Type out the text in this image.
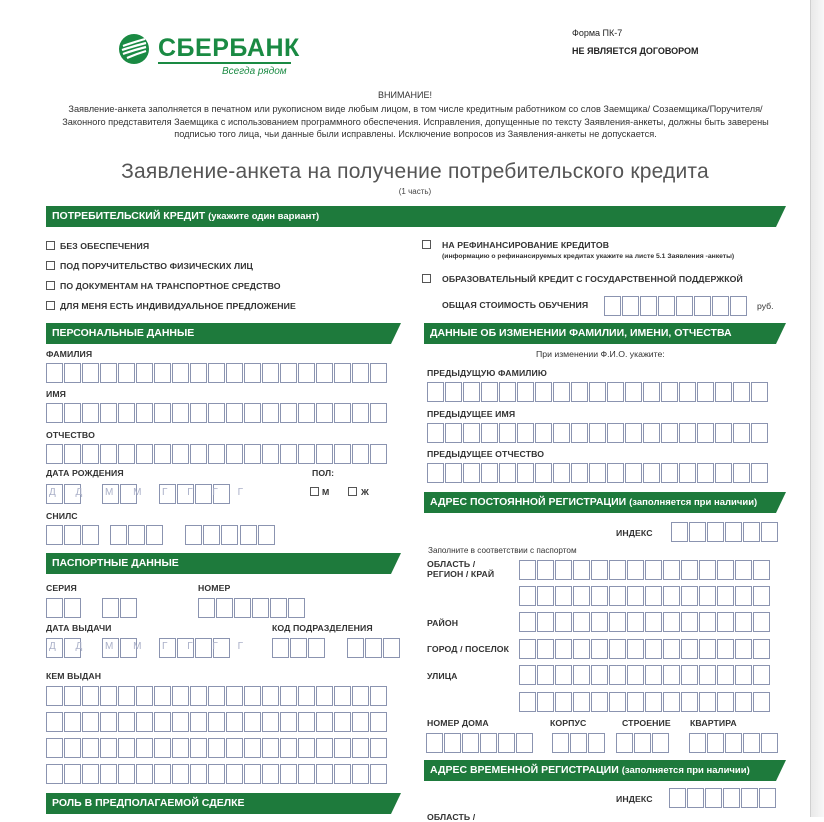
СБЕРБАНК
Всегда рядом
Форма ПК-7
НЕ ЯВЛЯЕТСЯ ДОГОВОРОМ
ВНИМАНИЕ!
Заявление-анкета заполняется в печатном или рукописном виде любым лицом, в том числе кредитным работником со слов Заемщика/ Созаемщика/Поручителя/Законного представителя Заемщика с использованием программного обеспечения. Исправления, допущенные по тексту Заявления-анкеты, должны быть заверены подписью того лица, чьи данные были исправлены. Исключение вопросов из Заявления-анкеты не допускается.
Заявление-анкета на получение потребительского кредита
(1 часть)
ПОТРЕБИТЕЛЬСКИЙ КРЕДИТ (укажите один вариант)
БЕЗ ОБЕСПЕЧЕНИЯ
ПОД ПОРУЧИТЕЛЬСТВО ФИЗИЧЕСКИХ ЛИЦ
ПО ДОКУМЕНТАМ НА ТРАНСПОРТНОЕ СРЕДСТВО
ДЛЯ МЕНЯ ЕСТЬ ИНДИВИДУАЛЬНОЕ ПРЕДЛОЖЕНИЕ
НА РЕФИНАНСИРОВАНИЕ КРЕДИТОВ
(информацию о рефинансируемых кредитах укажите на листе 5.1 Заявления -анкеты)
ОБРАЗОВАТЕЛЬНЫЙ КРЕДИТ С ГОСУДАРСТВЕННОЙ ПОДДЕРЖКОЙ
ОБЩАЯ СТОИМОСТЬ ОБУЧЕНИЯ	руб.
ПЕРСОНАЛЬНЫЕ ДАННЫЕ
ФАМИЛИЯ
ИМЯ
ОТЧЕСТВО
ДАТА РОЖДЕНИЯ
Д Д М М Г Г Г Г
ПОЛ:
М	Ж
СНИЛС
ПАСПОРТНЫЕ ДАННЫЕ
СЕРИЯ	НОМЕР
ДАТА ВЫДАЧИ
Д Д М М Г Г Г Г
КОД ПОДРАЗДЕЛЕНИЯ
КЕМ ВЫДАН
РОЛЬ В ПРЕДПОЛАГАЕМОЙ СДЕЛКЕ
ДАННЫЕ ОБ ИЗМЕНЕНИИ ФАМИЛИИ, ИМЕНИ, ОТЧЕСТВА
При изменении Ф.И.О. укажите:
ПРЕДЫДУЩУЮ ФАМИЛИЮ
ПРЕДЫДУЩЕЕ ИМЯ
ПРЕДЫДУЩЕЕ ОТЧЕСТВО
АДРЕС ПОСТОЯННОЙ РЕГИСТРАЦИИ (заполняется при наличии)
ИНДЕКС
Заполните в соответствии с паспортом
ОБЛАСТЬ /
РЕГИОН / КРАЙ
РАЙОН
ГОРОД / ПОСЕЛОК
УЛИЦА
НОМЕР ДОМА	КОРПУС	СТРОЕНИЕ КВАРТИРА
АДРЕС ВРЕМЕННОЙ РЕГИСТРАЦИИ (заполняется при наличии)
ИНДЕКС
ОБЛАСТЬ /
